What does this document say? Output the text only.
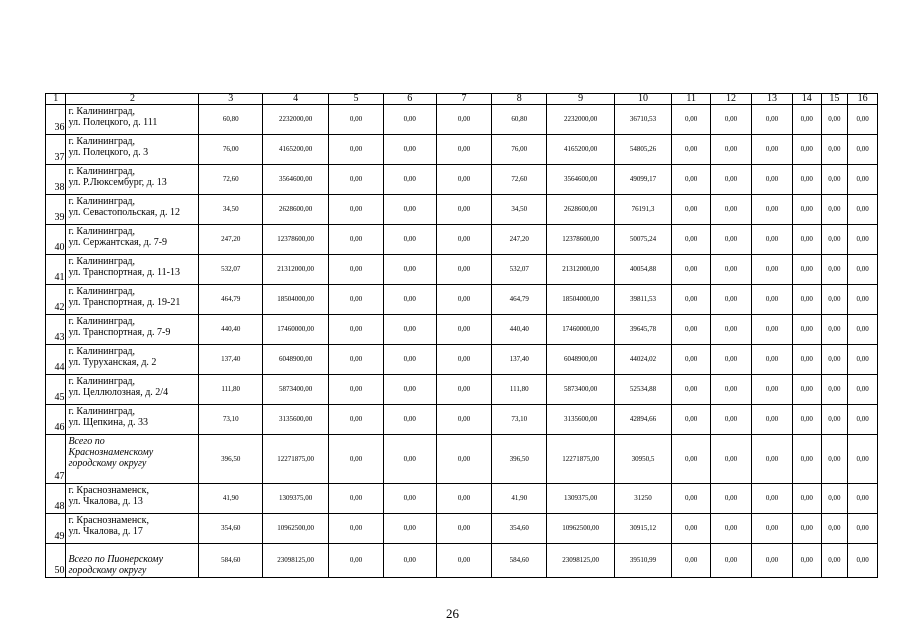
1	2	3	4	5	6	7	8	9	10	11	12	13	14	15	16
36	г. Калининград,
ул. Полецкого, д. 111	60,80	2232000,00	0,00	0,00	0,00	60,80	2232000,00	36710,53	0,00	0,00	0,00	0,00	0,00	0,00
37	г. Калининград,
ул. Полецкого, д. 3	76,00	4165200,00	0,00	0,00	0,00	76,00	4165200,00	54805,26	0,00	0,00	0,00	0,00	0,00	0,00
38	г. Калининград,
ул. Р.Люксембург, д. 13	72,60	3564600,00	0,00	0,00	0,00	72,60	3564600,00	49099,17	0,00	0,00	0,00	0,00	0,00	0,00
39	г. Калининград,
ул. Севастопольская, д. 12	34,50	2628600,00	0,00	0,00	0,00	34,50	2628600,00	76191,3	0,00	0,00	0,00	0,00	0,00	0,00
40	г. Калининград,
ул. Сержантская, д. 7-9	247,20	12378600,00	0,00	0,00	0,00	247,20	12378600,00	50075,24	0,00	0,00	0,00	0,00	0,00	0,00
41	г. Калининград,
ул. Транспортная, д. 11-13	532,07	21312000,00	0,00	0,00	0,00	532,07	21312000,00	40054,88	0,00	0,00	0,00	0,00	0,00	0,00
42	г. Калининград,
ул. Транспортная, д. 19-21	464,79	18504000,00	0,00	0,00	0,00	464,79	18504000,00	39811,53	0,00	0,00	0,00	0,00	0,00	0,00
43	г. Калининград,
ул. Транспортная, д. 7-9	440,40	17460000,00	0,00	0,00	0,00	440,40	17460000,00	39645,78	0,00	0,00	0,00	0,00	0,00	0,00
44	г. Калининград,
ул. Туруханская, д. 2	137,40	6048900,00	0,00	0,00	0,00	137,40	6048900,00	44024,02	0,00	0,00	0,00	0,00	0,00	0,00
45	г. Калининград,
ул. Целлюлозная, д. 2/4	111,80	5873400,00	0,00	0,00	0,00	111,80	5873400,00	52534,88	0,00	0,00	0,00	0,00	0,00	0,00
46	г. Калининград,
ул. Щепкина, д. 33	73,10	3135600,00	0,00	0,00	0,00	73,10	3135600,00	42894,66	0,00	0,00	0,00	0,00	0,00	0,00
47	Всего по
Краснознаменскому
городскому округу	396,50	12271875,00	0,00	0,00	0,00	396,50	12271875,00	30950,5	0,00	0,00	0,00	0,00	0,00	0,00
48	г. Краснознаменск,
ул. Чкалова, д. 13	41,90	1309375,00	0,00	0,00	0,00	41,90	1309375,00	31250	0,00	0,00	0,00	0,00	0,00	0,00
49	г. Краснознаменск,
ул. Чкалова, д. 17	354,60	10962500,00	0,00	0,00	0,00	354,60	10962500,00	30915,12	0,00	0,00	0,00	0,00	0,00	0,00
50	Всего по Пионерскому
городскому округу	584,60	23098125,00	0,00	0,00	0,00	584,60	23098125,00	39510,99	0,00	0,00	0,00	0,00	0,00	0,00
26
